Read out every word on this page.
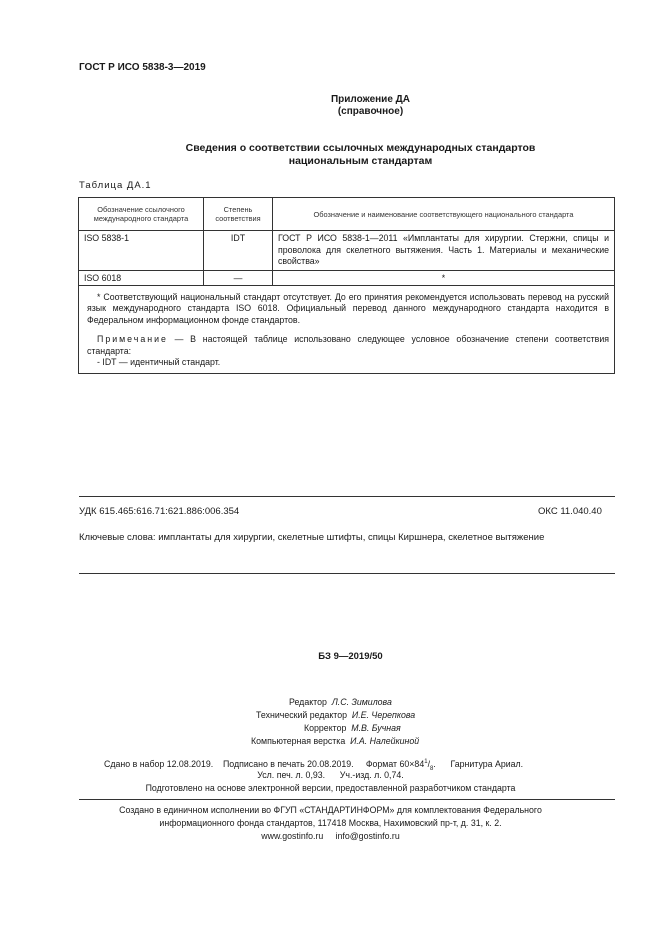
ГОСТ Р ИСО 5838-3—2019
Приложение ДА
(справочное)
Сведения о соответствии ссылочных международных стандартов
национальным стандартам
Таблица ДА.1
Обозначение ссылочного международного стандарта	Степень соответствия	Обозначение и наименование соответствующего национального стандарта
ISO 5838-1	IDT	ГОСТ Р ИСО 5838-1—2011 «Имплантаты для хирургии. Стержни, спицы и проволока для скелетного вытяжения. Часть 1. Материалы и механические свойства»
ISO 6018	—	*

* Соответствующий национальный стандарт отсутствует. До его принятия рекомендуется использовать перевод на русский язык международного стандарта ISO 6018. Официальный перевод данного международного стандарта находится в Федеральном информационном фонде стандартов.

Примечание — В настоящей таблице использовано следующее условное обозначение степени соответствия стандарта:

- IDT — идентичный стандарт.		

УДК 615.465:616.71:621.886:006.354	ОКС 11.040.40
Ключевые слова: имплантаты для хирургии, скелетные штифты, спицы Киршнера, скелетное вытяжение
БЗ 9—2019/50
Редактор Л.С. Зимилова
Технический редактор И.Е. Черепкова
Корректор М.В. Бучная
Компьютерная верстка И.А. Налейкиной
Сдано в набор 12.08.2019. Подписано в печать 20.08.2019. Формат $60\times 84^1/_8$. Гарнитура Ариал.
Усл. печ. л. 0,93. Уч.-изд. л. 0,74.
Подготовлено на основе электронной версии, предоставленной разработчиком стандарта
Создано в единичном исполнении во ФГУП «СТАНДАРТИНФОРМ» для комплектования Федерального
информационного фонда стандартов, 117418 Москва, Нахимовский пр-т, д. 31, к. 2.
www.gostinfo.ru info@gostinfo.ru
